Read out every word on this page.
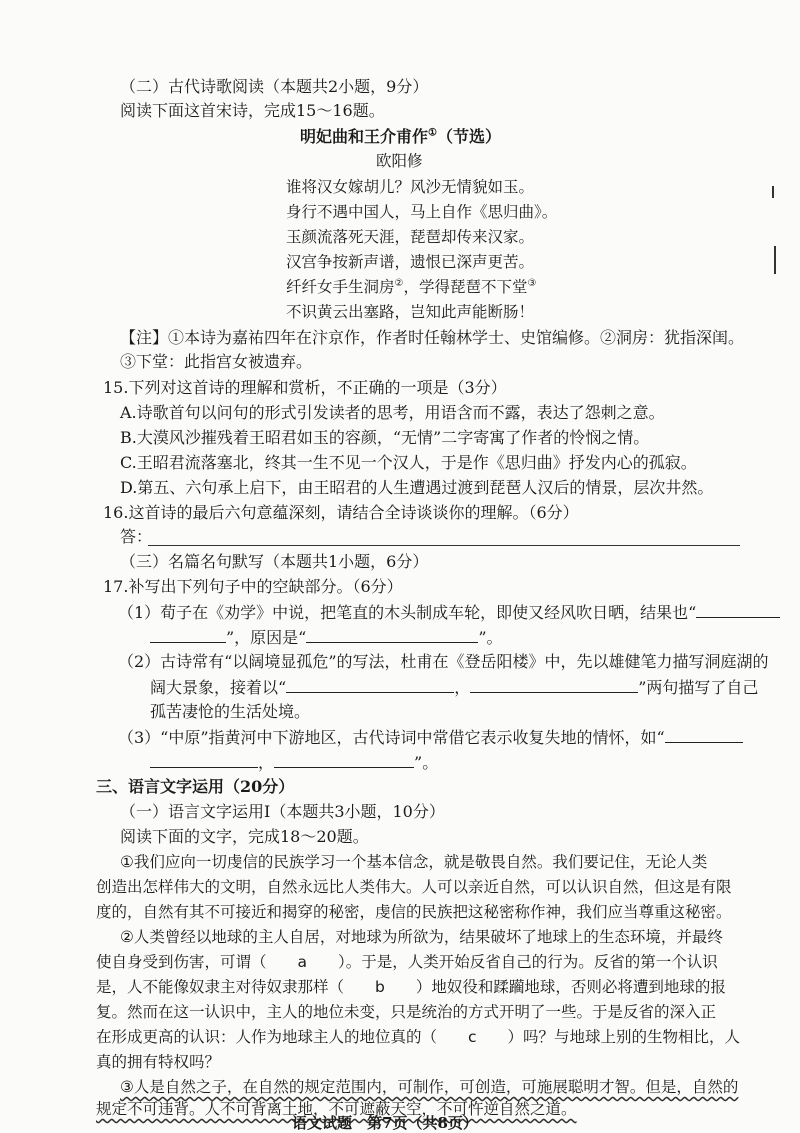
（二）古代诗歌阅读（本题共2小题，9分）
阅读下面这首宋诗，完成15～16题。
明妃曲和王介甫作①（节选）
欧阳修
谁将汉女嫁胡儿？风沙无情貌如玉。
身行不遇中国人，马上自作《思归曲》。
玉颜流落死天涯，琵琶却传来汉家。
汉宫争按新声谱，遗恨已深声更苦。
纤纤女手生洞房②，学得琵琶不下堂③
不识黄云出塞路，岂知此声能断肠！
【注】①本诗为嘉祐四年在汴京作，作者时任翰林学士、史馆编修。②洞房：犹指深闺。
③下堂：此指宫女被遗弃。
15.下列对这首诗的理解和赏析，不正确的一项是（3分）
A.诗歌首句以问句的形式引发读者的思考，用语含而不露，表达了怨刺之意。
B.大漠风沙摧残着王昭君如玉的容颜，“无情”二字寄寓了作者的怜悯之情。
C.王昭君流落塞北，终其一生不见一个汉人，于是作《思归曲》抒发内心的孤寂。
D.第五、六句承上启下，由王昭君的人生遭遇过渡到琵琶人汉后的情景，层次井然。
16.这首诗的最后六句意蕴深刻，请结合全诗谈谈你的理解。（6分）
答：
（三）名篇名句默写（本题共1小题，6分）
17.补写出下列句子中的空缺部分。（6分）
（1）荀子在《劝学》中说，把笔直的木头制成车轮，即使又经风吹日晒，结果也“
”，原因是“	”。
（2）古诗常有“以阔境显孤危”的写法，杜甫在《登岳阳楼》中，先以雄健笔力描写洞庭湖的
阔大景象，接着以“	，	”两句描写了自己
孤苦凄怆的生活处境。
（3）“中原”指黄河中下游地区，古代诗词中常借它表示收复失地的情怀，如“
，	”。
三、语言文字运用（20分）
（一）语言文字运用Ⅰ（本题共3小题，10分）
阅读下面的文字，完成18～20题。
①我们应向一切虔信的民族学习一个基本信念，就是敬畏自然。我们要记住，无论人类
创造出怎样伟大的文明，自然永远比人类伟大。人可以亲近自然，可以认识自然，但这是有限
度的，自然有其不可接近和揭穿的秘密，虔信的民族把这秘密称作神，我们应当尊重这秘密。
②人类曾经以地球的主人自居，对地球为所欲为，结果破坏了地球上的生态环境，并最终
使自身受到伤害，可谓（　　a　　）。于是，人类开始反省自己的行为。反省的第一个认识
是，人不能像奴隶主对待奴隶那样（　　b　　）地奴役和蹂躏地球，否则必将遭到地球的报
复。然而在这一认识中，主人的地位未变，只是统治的方式开明了一些。于是反省的深入正
在形成更高的认识：人作为地球主人的地位真的（　　c　　）吗？与地球上别的生物相比，人
真的拥有特权吗？
③人是自然之子，在自然的规定范围内，可制作，可创造，可施展聪明才智。但是，自然的
规定不可违背。人不可背离土地，不可遮蔽天空，不可忤逆自然之道。
语文试题　 第7页（共8页）
